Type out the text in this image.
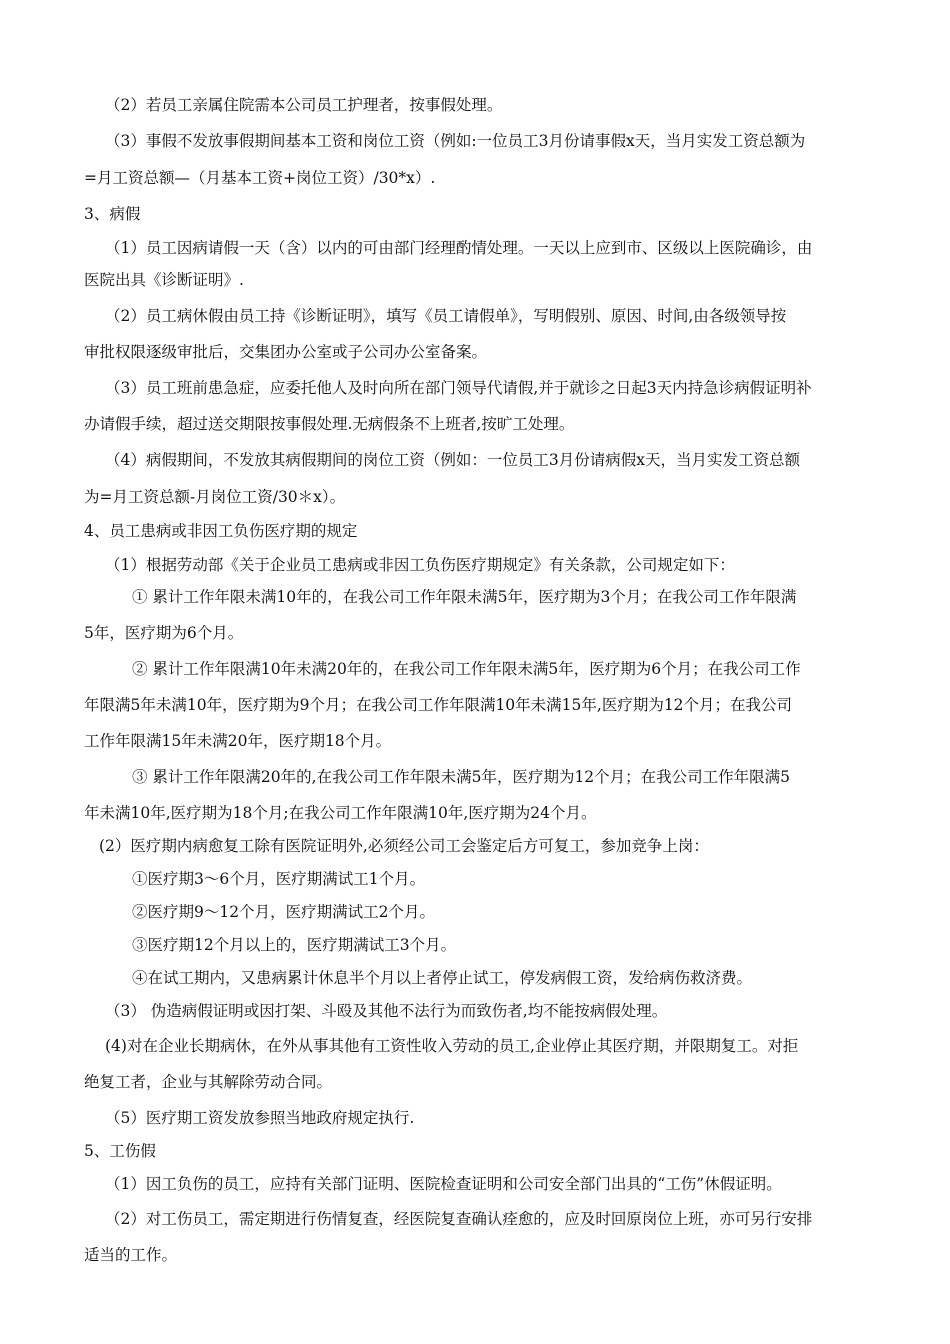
（2）若员工亲属住院需本公司员工护理者，按事假处理。
（3）事假不发放事假期间基本工资和岗位工资（例如:一位员工3月份请事假x天，当月实发工资总额为
=月工资总额—（月基本工资+岗位工资）/30*x）.
3、病假
（1）员工因病请假一天（含）以内的可由部门经理酌情处理。一天以上应到市、区级以上医院确诊，由
医院出具《诊断证明》.
（2）员工病休假由员工持《诊断证明》，填写《员工请假单》，写明假别、原因、时间,由各级领导按
审批权限逐级审批后，交集团办公室或子公司办公室备案。
（3）员工班前患急症，应委托他人及时向所在部门领导代请假,并于就诊之日起3天内持急诊病假证明补
办请假手续，超过送交期限按事假处理.无病假条不上班者,按旷工处理。
（4）病假期间，不发放其病假期间的岗位工资（例如：一位员工3月份请病假x天，当月实发工资总额
为=月工资总额-月岗位工资/30＊x）。
4、员工患病或非因工负伤医疗期的规定
（1）根据劳动部《关于企业员工患病或非因工负伤医疗期规定》有关条款，公司规定如下：
① 累计工作年限未满10年的，在我公司工作年限未满5年，医疗期为3个月；在我公司工作年限满
5年，医疗期为6个月。
② 累计工作年限满10年未满20年的，在我公司工作年限未满5年，医疗期为6个月；在我公司工作
年限满5年未满10年，医疗期为9个月；在我公司工作年限满10年未满15年,医疗期为12个月；在我公司
工作年限满15年未满20年，医疗期18个月。
③ 累计工作年限满20年的,在我公司工作年限未满5年，医疗期为12个月；在我公司工作年限满5
年未满10年,医疗期为18个月;在我公司工作年限满10年,医疗期为24个月。
(2）医疗期内病愈复工除有医院证明外,必须经公司工会鉴定后方可复工，参加竞争上岗：
①医疗期3～6个月，医疗期满试工1个月。
②医疗期9～12个月，医疗期满试工2个月。
③医疗期12个月以上的，医疗期满试工3个月。
④在试工期内，又患病累计休息半个月以上者停止试工，停发病假工资，发给病伤救济费。
（3） 伪造病假证明或因打架、斗殴及其他不法行为而致伤者,均不能按病假处理。
(4)对在企业长期病休，在外从事其他有工资性收入劳动的员工,企业停止其医疗期，并限期复工。对拒
绝复工者，企业与其解除劳动合同。
（5）医疗期工资发放参照当地政府规定执行.
5、工伤假
（1）因工负伤的员工，应持有关部门证明、医院检查证明和公司安全部门出具的“工伤”休假证明。
（2）对工伤员工，需定期进行伤情复查，经医院复查确认痊愈的，应及时回原岗位上班，亦可另行安排
适当的工作。
